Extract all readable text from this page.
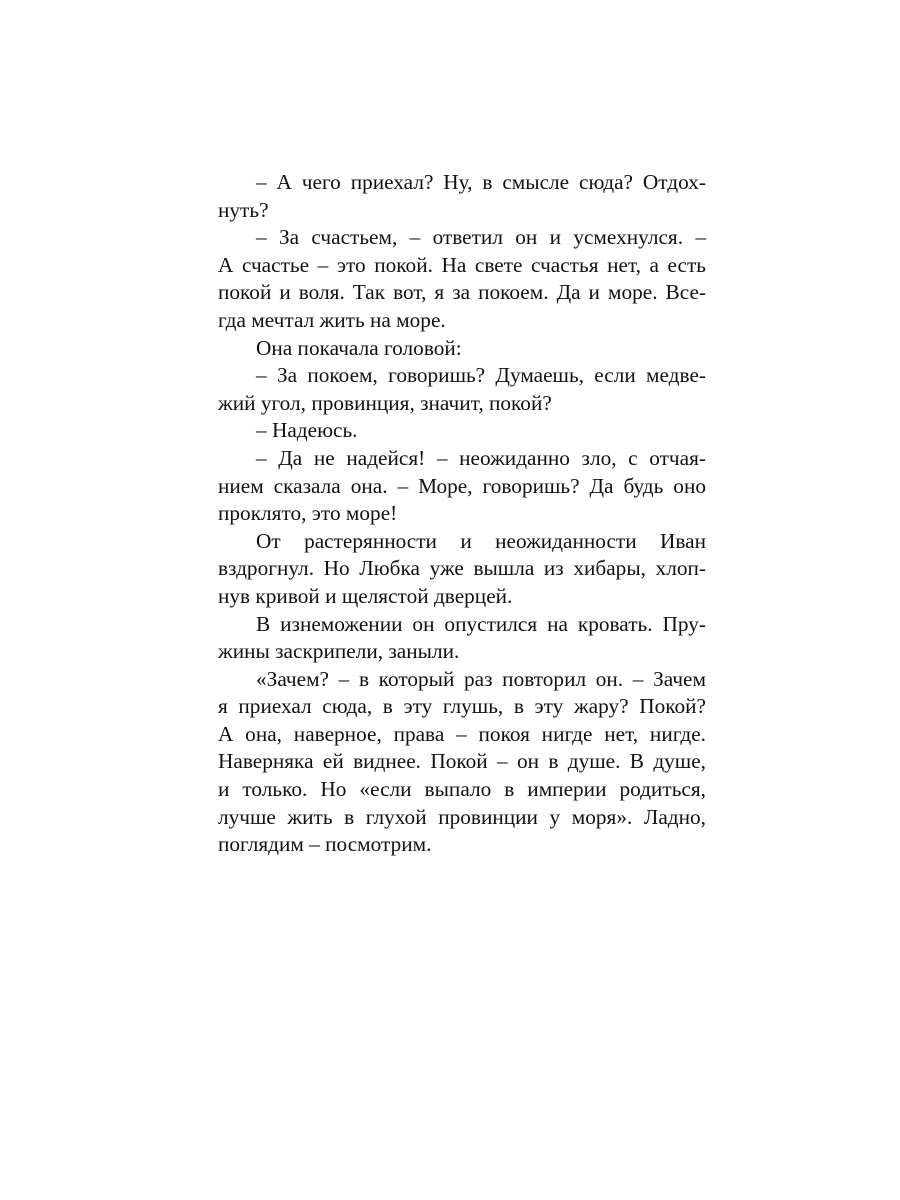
– А чего приехал? Ну, в смысле сюда? Отдох-
нуть?
– За счастьем, – ответил он и усмехнулся. –
А счастье – это покой. На свете счастья нет, а есть
покой и воля. Так вот, я за покоем. Да и море. Все-
гда мечтал жить на море.
Она покачала головой:
– За покоем, говоришь? Думаешь, если медве-
жий угол, провинция, значит, покой?
– Надеюсь.
– Да не надейся! – неожиданно зло, с отчая-
нием сказала она. – Море, говоришь? Да будь оно
проклято, это море!
От растерянности и неожиданности Иван
вздрогнул. Но Любка уже вышла из хибары, хлоп-
нув кривой и щелястой дверцей.
В изнеможении он опустился на кровать. Пру-
жины заскрипели, заныли.
«Зачем? – в который раз повторил он. – Зачем
я приехал сюда, в эту глушь, в эту жару? Покой?
А она, наверное, права – покоя нигде нет, нигде.
Наверняка ей виднее. Покой – он в душе. В душе,
и только. Но «если выпало в империи родиться,
лучше жить в глухой провинции у моря». Ладно,
поглядим – посмотрим.
